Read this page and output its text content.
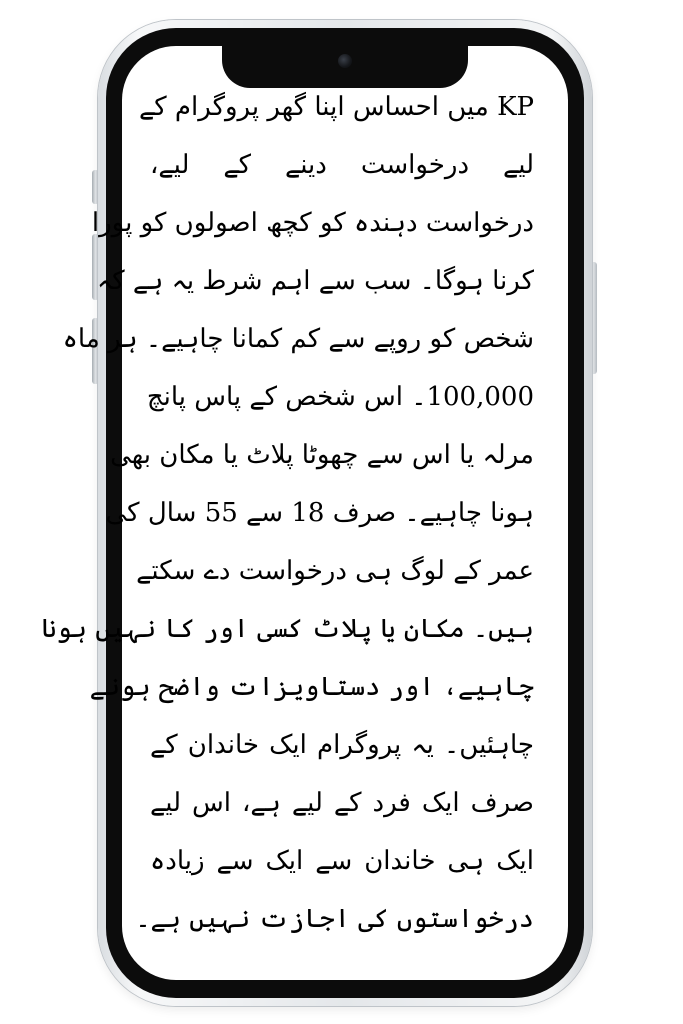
KP میں احساس اپنا گھر پروگرام کے
لیے درخواست دینے کے لیے،
درخواست دہندہ کو کچھ اصولوں کو پورا
کرنا ہوگا۔ سب سے اہم شرط یہ ہے کہ
شخص کو روپے سے کم کمانا چاہیے۔ ہر ماہ
100,000۔ اس شخص کے پاس پانچ
مرلہ یا اس سے چھوٹا پلاٹ یا مکان بھی
ہونا چاہیے۔ صرف 18 سے 55 سال کی
عمر کے لوگ ہی درخواست دے سکتے
ہیں۔ مکان یا پلاٹ کسی اور کا نہیں ہونا
چاہیے، اور دستاویزات واضح ہونے
چاہئیں۔ یہ پروگرام ایک خاندان کے
صرف ایک فرد کے لیے ہے، اس لیے
ایک ہی خاندان سے ایک سے زیادہ
درخواستوں کی اجازت نہیں ہے۔
